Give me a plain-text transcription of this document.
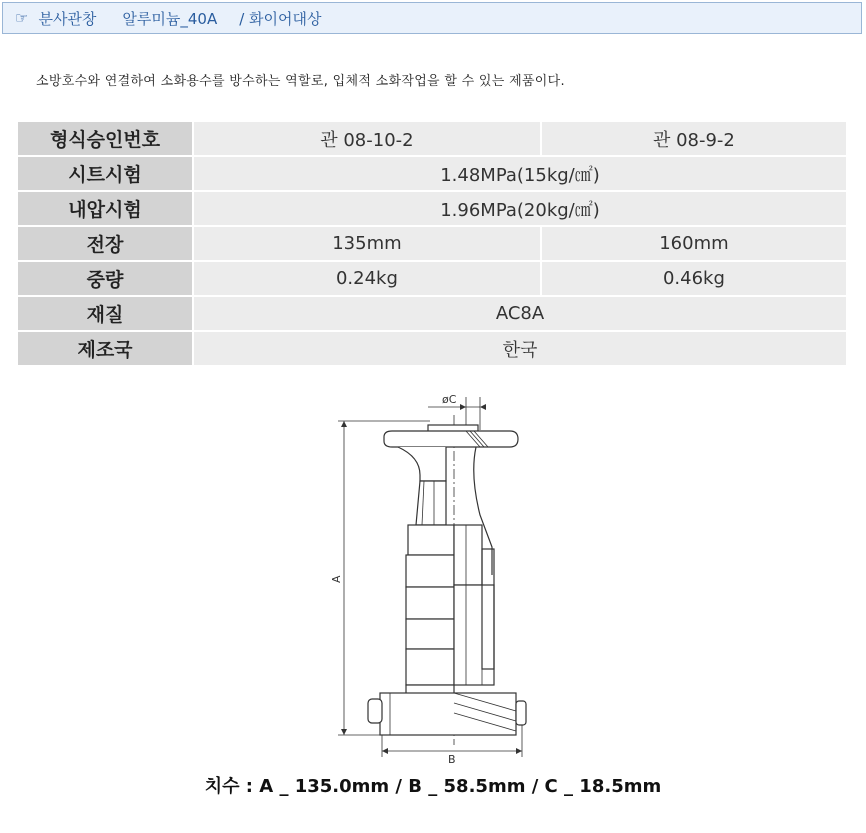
☞ 분사관창 알루미늄_40A / 화이어대상
소방호수와 연결하여 소화용수를 방수하는 역할로, 입체적 소화작업을 할 수 있는 제품이다.
형식승인번호	관 08-10-2	관 08-9-2
시트시험	1.48MPa(15kg/㎠)	
내압시험	1.96MPa(20kg/㎠)	
전장	135mm	160mm
중량	0.24kg	0.46kg
재질	AC8A	
제조국	한국	
øC
A
B
치수 : A _ 135.0mm / B _ 58.5mm / C _ 18.5mm
